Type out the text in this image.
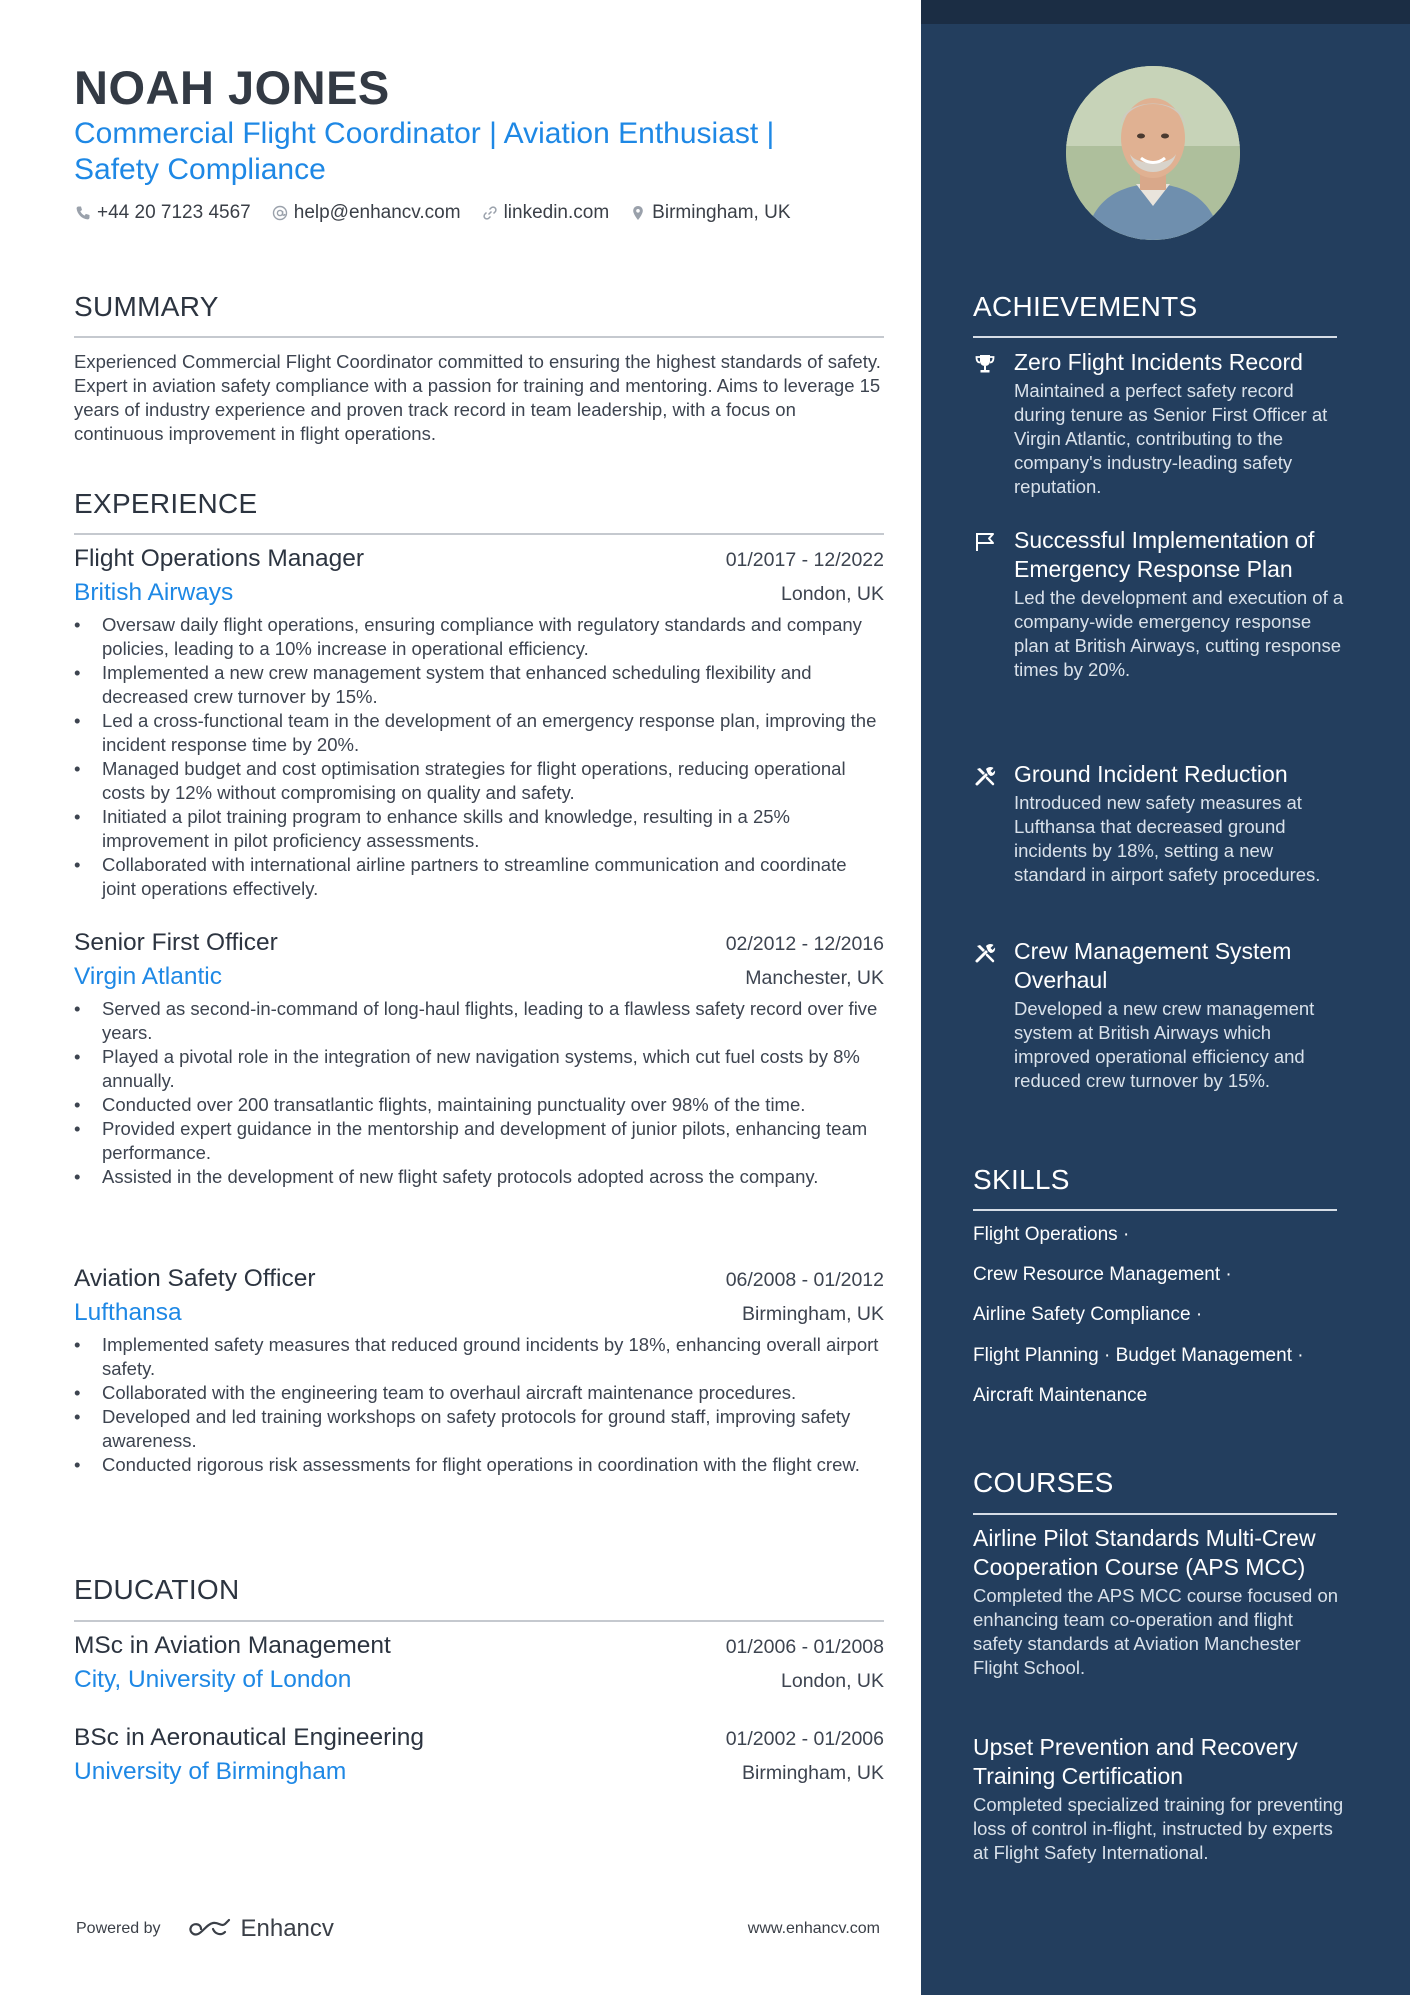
NOAH JONES
Commercial Flight Coordinator | Aviation Enthusiast | Safety Compliance
+44 20 7123 4567 help@enhancv.com linkedin.com Birmingham, UK
SUMMARY
Experienced Commercial Flight Coordinator committed to ensuring the highest standards of safety. Expert in aviation safety compliance with a passion for training and mentoring. Aims to leverage 15 years of industry experience and proven track record in team leadership, with a focus on continuous improvement in flight operations.
EXPERIENCE
Flight Operations Manager	01/2017 - 12/2022
British Airways	London, UK
• Oversaw daily flight operations, ensuring compliance with regulatory standards and company policies, leading to a 10% increase in operational efficiency.
• Implemented a new crew management system that enhanced scheduling flexibility and decreased crew turnover by 15%.
• Led a cross-functional team in the development of an emergency response plan, improving the incident response time by 20%.
• Managed budget and cost optimisation strategies for flight operations, reducing operational costs by 12% without compromising on quality and safety.
• Initiated a pilot training program to enhance skills and knowledge, resulting in a 25% improvement in pilot proficiency assessments.
• Collaborated with international airline partners to streamline communication and coordinate joint operations effectively.
Senior First Officer	02/2012 - 12/2016
Virgin Atlantic	Manchester, UK
• Served as second-in-command of long-haul flights, leading to a flawless safety record over five years.
• Played a pivotal role in the integration of new navigation systems, which cut fuel costs by 8% annually.
• Conducted over 200 transatlantic flights, maintaining punctuality over 98% of the time.
• Provided expert guidance in the mentorship and development of junior pilots, enhancing team performance.
• Assisted in the development of new flight safety protocols adopted across the company.
Aviation Safety Officer	06/2008 - 01/2012
Lufthansa	Birmingham, UK
• Implemented safety measures that reduced ground incidents by 18%, enhancing overall airport safety.
• Collaborated with the engineering team to overhaul aircraft maintenance procedures.
• Developed and led training workshops on safety protocols for ground staff, improving safety awareness.
• Conducted rigorous risk assessments for flight operations in coordination with the flight crew.
EDUCATION
MSc in Aviation Management	01/2006 - 01/2008
City, University of London	London, UK
BSc in Aeronautical Engineering	01/2002 - 01/2006
University of Birmingham	Birmingham, UK
Powered by	Enhancv	www.enhancv.com
ACHIEVEMENTS
Zero Flight Incidents Record
Maintained a perfect safety record during tenure as Senior First Officer at Virgin Atlantic, contributing to the company's industry-leading safety reputation.
Successful Implementation of Emergency Response Plan
Led the development and execution of a company-wide emergency response plan at British Airways, cutting response times by 20%.
Ground Incident Reduction
Introduced new safety measures at Lufthansa that decreased ground incidents by 18%, setting a new standard in airport safety procedures.
Crew Management System Overhaul
Developed a new crew management system at British Airways which improved operational efficiency and reduced crew turnover by 15%.
SKILLS
Flight Operations ·
Crew Resource Management ·
Airline Safety Compliance ·
Flight Planning · Budget Management ·
Aircraft Maintenance
COURSES
Airline Pilot Standards Multi-Crew Cooperation Course (APS MCC)
Completed the APS MCC course focused on enhancing team co-operation and flight safety standards at Aviation Manchester Flight School.
Upset Prevention and Recovery Training Certification
Completed specialized training for preventing loss of control in-flight, instructed by experts at Flight Safety International.
